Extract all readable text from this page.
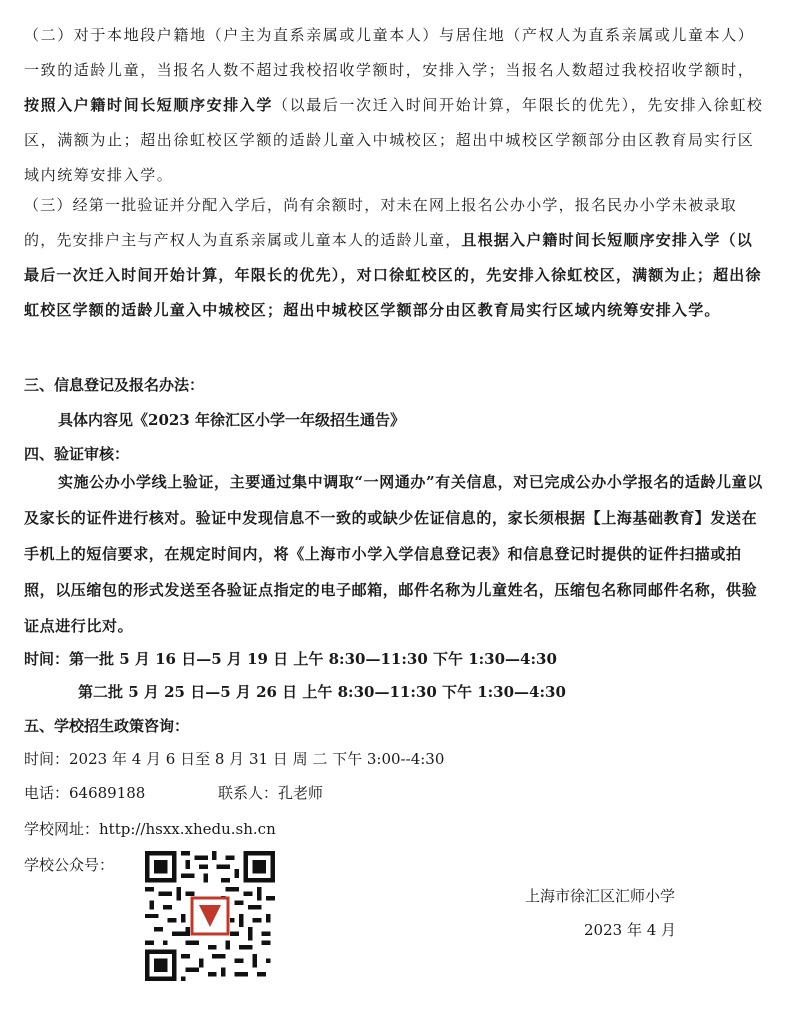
（二）对于本地段户籍地（户主为直系亲属或儿童本人）与居住地（产权人为直系亲属或儿童本人）一致的适龄儿童，当报名人数不超过我校招收学额时，安排入学；当报名人数超过我校招收学额时，按照入户籍时间长短顺序安排入学（以最后一次迁入时间开始计算，年限长的优先），先安排入徐虹校区，满额为止；超出徐虹校区学额的适龄儿童入中城校区；超出中城校区学额部分由区教育局实行区域内统筹安排入学。
（三）经第一批验证并分配入学后，尚有余额时，对未在网上报名公办小学，报名民办小学未被录取的，先安排户主与产权人为直系亲属或儿童本人的适龄儿童，且根据入户籍时间长短顺序安排入学（以最后一次迁入时间开始计算，年限长的优先），对口徐虹校区的，先安排入徐虹校区，满额为止；超出徐虹校区学额的适龄儿童入中城校区；超出中城校区学额部分由区教育局实行区域内统筹安排入学。
三、信息登记及报名办法：
具体内容见《2023 年徐汇区小学一年级招生通告》
四、验证审核：
实施公办小学线上验证，主要通过集中调取“一网通办”有关信息，对已完成公办小学报名的适龄儿童以及家长的证件进行核对。验证中发现信息不一致的或缺少佐证信息的，家长须根据【上海基础教育】发送在手机上的短信要求，在规定时间内，将《上海市小学入学信息登记表》和信息登记时提供的证件扫描或拍照，以压缩包的形式发送至各验证点指定的电子邮箱，邮件名称为儿童姓名，压缩包名称同邮件名称，供验证点进行比对。
时间：第一批 5 月 16 日—5 月 19 日 上午 8:30—11:30 下午 1:30—4:30
第二批 5 月 25 日—5 月 26 日 上午 8:30—11:30 下午 1:30—4:30
五、学校招生政策咨询：
时间：2023 年 4 月 6 日至 8 月 31 日 周 二 下午 3:00--4:30
电话：64689188	联系人：孔老师
学校网址：http://hsxx.xhedu.sh.cn
学校公众号：
上海市徐汇区汇师小学
2023 年 4 月
